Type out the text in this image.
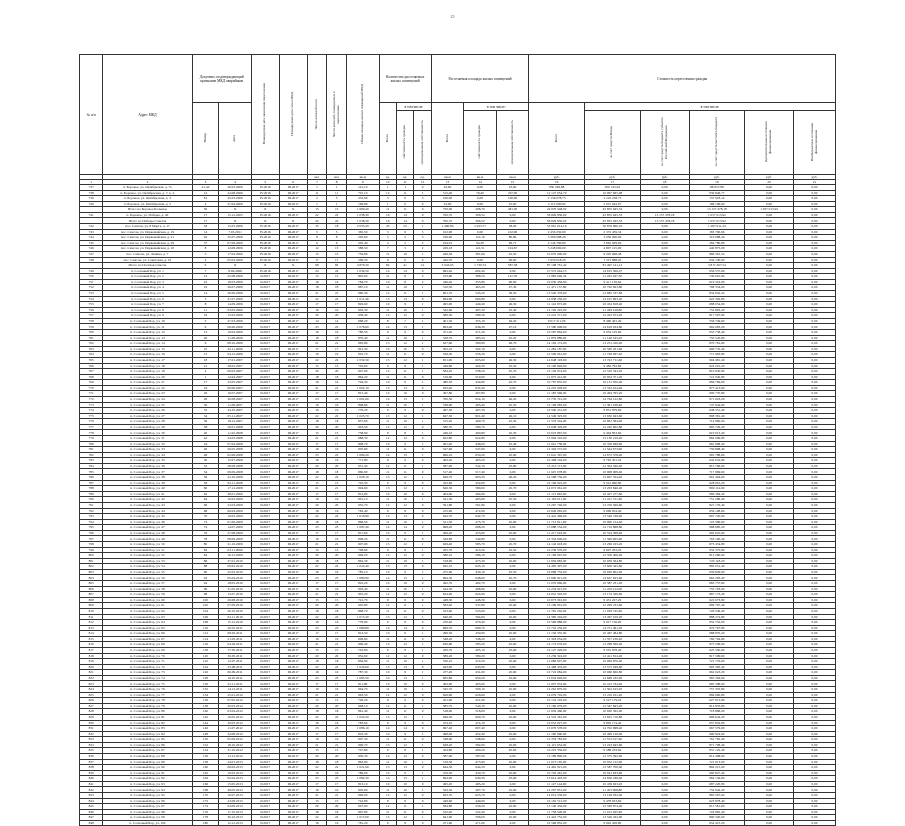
25
№ п/п	Адрес МКД	Документ, подтверждающий признание МКД аварийным		Планируемая дата окончания переселения	Планируемая дата сноса МКД	Число жителей всего	Число жителей, планируемых к переселению	Общая площадь жилых помещений МКД	Количество расселяемых жилых помещений			Расселяемая площадь жилых помещений			Стоимость переселения граждан					
		Номер	Дата						Всего	в том числе:		Всего	в том числе:		Всего	в том числе:				
										собственность граждан	муниципальная собственность		собственность граждан	муниципальная собственность		за счет средств Фонда	за счет средств бюджета субъекта Российской Федерации	за счет средств местного бюджета	Дополнительные источники финансирования	Внебюджетные источники финансирования
						чел.	чел.	кв.м	ед.	ед.	ед.	кв.м	кв.м	кв.м	руб.	руб.	руб.	руб.	руб.	руб.
1	2	3	4	5	6	7	8	9	10	11	12	13	14	15	16	17	18	19	20	21
737	п. Боровое, ул. Октябрьская, д. 7а	41-42	20.03.2006	IV.2016	III.2017	1	1	141,10	1	1	0	43,60	0,00	43,60	950 269,88	950 145,04	0,00	88 657,88	0,00	0,00
738	п. Боровое, ул. Октябрьская, д. 7, к. 2	12	24.08.2006	IV.2016	III.2017	11	11	791,10	12	11	1	515,40	79,40	437,00	12 127 054,70	10 997 665,98	0,00	939 846,77	0,00	0,00
739	п. Боровое, ул. Октябрьская, д. 3	81	25.03.2006	IV.2016	III.2017	2	5	232,90	3	0	3	100,00	0,00	100,00	2 136 078,75	2 216 238,75	0,00	137 918,14	0,00	0,00
740	п. Боровое, ул. Октябрьская, д. 5	4	27.04.2006	IV.2016	III.2017	1	1	166,80	1	0	0	91,00	0,00	91,00	2 115 000,00	2 015 042,07	0,00	168 196,60	0,00	0,00
	Итого по Боровое Большое	56	X	X	X	15	15	1 669,40	11	11	6	750,00	268,70	481,00	24 970 548,92	45 855 645,33	0,00	13 137 478,18	1 057 015,92	0,00
741	п. Боровое, ул. Победы, д. 40	17	15.12.2005	IV.2016	III.2017	22	22	1 038,30	16	14	0	700,70	306,52	0,00	56 829 830,02	45 855 645,33	13 137 478,18	1 057 015,92	0,00	0,00
	Итого по Победы Советов	17	X	X	X	22	22	1 038,30	16	14	0	700,70	306,52	0,00	56 829 830,02	45 855 645,33	13 137 478,18	1 057 015,92	0,00	0,00
742	пос. Самсон, ул. 8 Марта, д. 17	18	15.03.2006	IV.2016	III.2017	35	18	2 035,20	43	22	1	1 460,80	1 023,77	58,00	53 961 614,16	50 879 960,16	0,00	1 097 611,24	0,00	0,00
743	пос. Самсон, ул. Первомайская, д. 19	14	7.03.2011	IV.2016	III.2017	5	5	365,50	3	0	3	102,90	0,00	102,90	2 456 250,00	2 372 459,34	0,00	183 790,66	0,00	0,00
744	пос. Самсон, ул. Первомайская, д. 21	92	25.07.2006	IV.2016	III.2017	8	8	265,60	5	2	3	190,90	110,10	80,80	3 366 088,26	3 056 000,00	0,00	310 088,26	0,00	0,00
745	пос. Самсон, ул. Первомайская, д. 29	37	07.06.2006	IV.2016	III.2017	6	6	295,40	4	2	2	194,01	94,30	99,71	4 146 790,80	3 862 009,94	0,00	284 780,86	0,00	0,00
746	пос. Самсон, ул. Первомайская, д. 10	8	12.08.2006	IV.2016	III.2017	12	13	588,50	7	5	2	226,18	121,51	104,67	5 248 000,00	4 807 125,00	0,00	440 875,00	0,00	0,00
747	пос. Самсон, ул. Ленина, д. 7	5	17.04.2006	IV.2016	III.2017	15	15	756,80	11	10	1	426,56	381,06	45,50	10 070 000,00	9 203 698,48	0,00	866 301,52	0,00	0,00
748	пос. Самсон, ул. Советская, д. 25	4	05.03.2006	IV.2016	III.2017	17	17	569,30	9	0	0	442,70	0,00	96,00	7 950 018,20	7 315 888,20	0,00	634 130,00	0,00	0,00
	Итого по Посёлок Самсон	S	X	X	X	98	82	4 876,30	82	41	12	3 043,05	1 730,74	587,58	87 198 761,42	81 497 141,12	0,00	3 817 267,54	0,00	0,00
749	п. Сосновый Бор, ул. 1	7	8.04.2006	IV.2016	III.2017	24	24	1 039,50	14	14	0	692,40	692,40	0,00	15 572 044,13	14 615 506,47	0,00	956 537,66	0,00	0,00
750	п. Сосновый Бор, ул. 2	12	25.08.2006	II.2017	III.2017	15	15	805,60	11	8	3	533,80	386,50	147,30	11 985 049,34	11 245 047,50	0,00	740 001,84	0,00	0,00
751	п. Сосновый Бор, ул. 3	22	18.03.2006	II.2017	III.2017	16	16	784,70	10	8	2	446,40	355,80	90,60	10 030 456,60	9 411 139,64	0,00	619 316,96	0,00	0,00
752	п. Сосновый Бор, ул. 4	19	26.07.2006	II.2017	III.2017	18	18	887,10	11	10	1	510,50	463,20	47,30	11 471 157,80	10 762 823,80	0,00	708 334,00	0,00	0,00
753	п. Сосновый Бор, ул. 5	14	30.06.2006	II.2017	III.2017	21	21	960,30	12	11	1	601,70	545,20	56,50	13 520 379,90	12 685 537,66	0,00	834 842,24	0,00	0,00
754	п. Сосновый Бор, ул. 6	3	21.07.2006	II.2017	III.2017	22	22	1 011,40	13	13	0	664,80	664,80	0,00	14 938 256,00	14 015 863,20	0,00	922 392,80	0,00	0,00
755	п. Сосновый Бор, ул. 7	8	14.09.2006	II.2017	III.2017	17	17	829,60	10	9	1	495,90	449,40	46,50	11 142 873,00	10 454 818,40	0,00	688 054,60	0,00	0,00
756	п. Сосновый Бор, ул. 8	11	03.05.2006	II.2017	III.2017	19	19	902,30	11	10	1	542,60	497,20	45,40	12 192 222,00	11 439 418,80	0,00	752 803,20	0,00	0,00
757	п. Сосновый Бор, ул. 9	16	15.02.2006	II.2017	III.2017	20	20	958,40	12	12	0	589,30	589,30	0,00	13 241 571,00	12 423 973,20	0,00	817 597,80	0,00	0,00
758	п. Сосновый Бор, ул. 10	5	27.03.2006	II.2017	III.2017	14	14	668,20	8	7	1	401,30	355,10	46,20	9 017 211,00	8 460 461,40	0,00	556 749,60	0,00	0,00
759	п. Сосновый Бор, ул. 11	9	06.06.2006	II.2017	III.2017	23	23	1 078,60	14	13	1	693,40	646,30	47,10	15 580 698,00	14 618 634,80	0,00	962 063,20	0,00	0,00
760	п. Сосновый Бор, ул. 12	13	19.04.2006	II.2017	III.2017	16	16	780,50	9	9	0	471,20	471,20	0,00	10 587 864,00	9 934 105,60	0,00	653 758,40	0,00	0,00
761	п. Сосновый Бор, ул. 13	20	11.08.2006	II.2017	III.2017	18	18	870,40	11	10	1	528,70	483,50	45,20	11 879 889,00	11 146 343,20	0,00	733 545,80	0,00	0,00
762	п. Сосновый Бор, ул. 14	6	08.10.2006	II.2017	III.2017	21	21	995,80	13	12	1	627,60	580,90	46,70	14 102 172,00	13 231 410,40	0,00	870 761,60	0,00	0,00
763	п. Сосновый Бор, ул. 15	10	22.11.2006	II.2017	III.2017	17	17	821,30	10	10	0	502,10	502,10	0,00	11 282 187,00	10 585 451,60	0,00	696 735,40	0,00	0,00
764	п. Сосновый Бор, ул. 16	15	04.12.2006	II.2017	III.2017	19	19	910,70	11	11	0	556,30	556,30	0,00	12 500 061,00	11 728 097,20	0,00	771 963,80	0,00	0,00
765	п. Сосновый Бор, ул. 17	18	17.01.2007	II.2017	III.2017	22	22	1 032,50	13	12	1	651,90	605,60	46,30	14 648 193,00	13 743 711,60	0,00	904 481,40	0,00	0,00
766	п. Сосновый Бор, ул. 18	21	28.02.2007	II.2017	III.2017	15	15	742,60	9	8	1	449,80	404,30	45,50	10 106 994,00	9 482 792,80	0,00	624 201,20	0,00	0,00
767	п. Сосновый Бор, ул. 19	2	09.03.2007	II.2017	III.2017	20	20	947,90	12	11	1	584,20	538,50	45,70	13 126 974,00	12 316 343,20	0,00	810 630,80	0,00	0,00
768	п. Сосновый Бор, ул. 20	1	12.04.2007	II.2017	III.2017	18	18	864,20	11	11	0	519,60	519,60	0,00	11 675 412,00	10 954 371,20	0,00	721 040,80	0,00	0,00
769	п. Сосновый Бор, ул. 21	17	23.05.2007	II.2017	III.2017	16	16	794,30	10	9	1	480,50	434,80	45,70	10 797 835,00	10 131 050,40	0,00	666 784,60	0,00	0,00
770	п. Сосновый Бор, ул. 22	24	06.06.2007	II.2017	III.2017	21	21	1 002,10	13	13	0	632,40	632,40	0,00	14 210 028,00	13 332 614,40	0,00	877 413,60	0,00	0,00
771	п. Сосновый Бор, ул. 23	26	19.07.2007	II.2017	III.2017	17	17	815,40	10	10	0	497,80	497,80	0,00	11 185 566,00	10 494 795,20	0,00	690 770,80	0,00	0,00
772	п. Сосновый Бор, ул. 24	28	30.08.2007	II.2017	III.2017	23	23	1 091,60	14	13	1	700,30	654,10	46,20	15 735 741,00	14 764 122,80	0,00	971 618,20	0,00	0,00
773	п. Сосновый Бор, ул. 25	30	11.09.2007	II.2017	III.2017	19	19	898,80	11	10	1	538,90	493,40	45,50	12 109 083,00	11 361 438,40	0,00	747 644,60	0,00	0,00
774	п. Сосновый Бор, ул. 26	32	24.10.2007	II.2017	III.2017	16	16	776,20	9	9	0	467,30	467,30	0,00	10 500 231,00	9 851 879,60	0,00	648 351,40	0,00	0,00
775	п. Сосновый Бор, ул. 27	34	05.11.2007	II.2017	III.2017	22	22	1 025,70	13	12	1	647,50	601,40	46,10	14 549 325,00	13 650 943,60	0,00	898 381,40	0,00	0,00
776	п. Сосновый Бор, ул. 28	36	18.12.2007	II.2017	III.2017	18	18	857,60	11	10	1	515,20	469,70	45,50	11 576 544,00	10 861 584,00	0,00	714 960,00	0,00	0,00
777	п. Сосновый Бор, ул. 29	38	29.01.2008	II.2017	III.2017	20	20	943,50	12	12	0	580,70	580,70	0,00	13 048 329,00	12 242 602,80	0,00	805 726,20	0,00	0,00
778	п. Сосновый Бор, ул. 30	40	11.02.2008	II.2017	III.2017	15	15	738,90	9	8	1	446,10	400,80	45,30	10 023 867,00	9 404 853,60	0,00	619 013,40	0,00	0,00
779	п. Сосновый Бор, ул. 31	42	24.03.2008	II.2017	III.2017	21	21	988,30	12	12	0	622,80	622,80	0,00	13 994 316,00	13 130 219,20	0,00	864 096,80	0,00	0,00
780	п. Сосновый Бор, ул. 32	44	07.04.2008	II.2017	III.2017	17	17	808,70	10	9	1	491,40	446,00	45,40	11 041 758,00	10 359 849,60	0,00	681 908,40	0,00	0,00
781	п. Сосновый Бор, ул. 33	46	20.05.2008	II.2017	III.2017	19	19	905,80	11	11	0	547,60	547,60	0,00	12 304 572,00	11 544 673,60	0,00	759 898,40	0,00	0,00
782	п. Сосновый Бор, ул. 34	48	02.06.2008	II.2017	III.2017	23	23	1 084,20	14	13	1	696,10	650,20	45,90	15 641 367,00	14 675 578,40	0,00	965 788,60	0,00	0,00
783	п. Сосновый Бор, ул. 35	50	15.07.2008	II.2017	III.2017	16	16	771,80	9	9	0	463,20	463,20	0,00	10 408 104,00	9 765 451,20	0,00	642 652,80	0,00	0,00
784	п. Сосновый Бор, ул. 36	52	28.08.2008	II.2017	III.2017	20	20	951,40	12	11	1	587,90	542,10	45,80	13 210 113,00	12 394 346,40	0,00	815 766,60	0,00	0,00
785	п. Сосновый Бор, ул. 37	54	09.09.2008	II.2017	III.2017	18	18	860,90	11	11	0	517,40	517,40	0,00	11 625 978,00	10 908 008,40	0,00	717 969,60	0,00	0,00
786	п. Сосновый Бор, ул. 38	56	22.10.2008	II.2017	III.2017	22	22	1 029,10	13	12	1	649,70	603,50	46,20	14 598 759,00	13 697 354,40	0,00	901 404,60	0,00	0,00
787	п. Сосновый Бор, ул. 39	58	04.11.2008	II.2017	III.2017	15	15	745,30	9	9	0	452,60	452,60	0,00	10 169 922,00	9 541 860,80	0,00	628 061,20	0,00	0,00
788	п. Сосновый Бор, ул. 40	60	17.12.2008	II.2017	III.2017	21	21	994,60	13	12	1	626,30	580,60	45,70	14 072 961,00	13 203 846,40	0,00	869 114,60	0,00	0,00
789	п. Сосновый Бор, ул. 41	62	28.01.2009	II.2017	III.2017	17	17	812,90	10	10	0	494,60	494,60	0,00	11 113 662,00	10 427 277,60	0,00	686 384,40	0,00	0,00
790	п. Сосновый Бор, ул. 42	64	10.02.2009	II.2017	III.2017	19	19	901,10	11	10	1	541,30	495,80	45,50	12 163 011,00	11 411 721,60	0,00	751 289,40	0,00	0,00
791	п. Сосновый Бор, ул. 43	66	23.03.2009	II.2017	III.2017	20	20	955,70	12	12	0	591,80	591,80	0,00	13 297 746,00	12 476 569,60	0,00	821 176,40	0,00	0,00
792	п. Сосновый Бор, ул. 44	68	06.04.2009	II.2017	III.2017	16	16	782,40	9	9	0	472,90	472,90	0,00	10 626 063,00	9 969 954,40	0,00	656 108,60	0,00	0,00
793	п. Сосновый Бор, ул. 45	70	19.05.2009	II.2017	III.2017	22	22	1 018,80	13	13	0	642,70	642,70	0,00	14 441 469,00	13 549 748,40	0,00	891 720,60	0,00	0,00
794	п. Сосновый Бор, ул. 46	72	01.06.2009	II.2017	III.2017	18	18	866,50	11	10	1	521,30	475,70	45,60	11 713 611,00	10 990 214,40	0,00	723 396,60	0,00	0,00
795	п. Сосновый Бор, ул. 47	74	14.07.2009	II.2017	III.2017	23	23	1 087,40	14	14	0	698,20	698,20	0,00	15 688 554,00	14 719 868,80	0,00	968 685,20	0,00	0,00
796	п. Сосновый Бор, ул. 48	76	27.08.2009	II.2017	III.2017	17	17	817,60	10	9	1	499,20	453,60	45,60	11 217 024,00	10 524 398,40	0,00	692 625,60	0,00	0,00
797	п. Сосновый Бор, ул. 49	78	08.09.2009	II.2017	III.2017	19	19	908,20	11	11	0	549,80	549,80	0,00	12 354 006,00	11 590 905,60	0,00	763 100,40	0,00	0,00
798	п. Сосновый Бор, ул. 50	80	21.10.2009	II.2017	III.2017	21	21	997,90	13	12	1	629,40	583,70	45,70	14 142 618,00	13 269 163,20	0,00	873 454,80	0,00	0,00
799	п. Сосновый Бор, ул. 51	82	03.11.2009	II.2017	III.2017	15	15	748,60	9	8	1	455,70	410,20	45,50	10 239 579,00	9 607 203,20	0,00	632 375,80	0,00	0,00
800	п. Сосновый Бор, ул. 52	84	16.12.2009	II.2017	III.2017	20	20	949,20	12	12	0	586,10	586,10	0,00	13 169 667,00	12 356 406,40	0,00	813 260,60	0,00	0,00
801	п. Сосновый Бор, ул. 53	86	27.01.2010	II.2017	III.2017	18	18	862,30	11	10	1	518,90	473,30	45,60	11 659 683,00	10 939 564,80	0,00	720 118,20	0,00	0,00
802	п. Сосновый Бор, ул. 54	88	09.02.2010	II.2017	III.2017	22	22	1 022,40	13	13	0	645,10	645,10	0,00	14 495 397,00	13 600 345,60	0,00	895 051,40	0,00	0,00
803	п. Сосновый Бор, ул. 55	90	22.03.2010	II.2017	III.2017	16	16	785,10	10	9	1	475,60	430,10	45,50	10 686 732,00	10 026 902,40	0,00	659 829,60	0,00	0,00
804	п. Сосновый Бор, ул. 56	92	05.04.2010	II.2017	III.2017	23	23	1 080,90	14	13	1	694,30	648,60	45,70	15 600 921,00	14 637 625,60	0,00	963 295,40	0,00	0,00
805	п. Сосновый Бор, ул. 57	94	18.05.2010	II.2017	III.2017	17	17	810,20	10	10	0	492,70	492,70	0,00	11 070 969,00	10 387 231,20	0,00	683 737,80	0,00	0,00
806	п. Сосновый Бор, ул. 58	96	31.05.2010	II.2017	III.2017	19	19	903,40	11	10	1	544,50	498,90	45,60	12 234 915,00	11 479 212,00	0,00	755 703,00	0,00	0,00
807	п. Сосновый Бор, ул. 59	98	13.07.2010	II.2017	III.2017	21	21	991,20	12	12	0	624,90	624,90	0,00	14 041 503,00	13 174 329,60	0,00	867 173,40	0,00	0,00
808	п. Сосновый Бор, ул. 60	100	26.08.2010	II.2017	III.2017	15	15	741,70	9	9	0	448,30	448,30	0,00	10 073 301,00	9 451 227,20	0,00	622 073,80	0,00	0,00
809	п. Сосновый Бор, ул. 61	102	07.09.2010	II.2017	III.2017	20	20	945,80	12	11	1	583,40	537,80	45,60	13 109 001,00	12 299 233,60	0,00	809 767,40	0,00	0,00
810	п. Сосновый Бор, ул. 62	104	20.10.2010	II.2017	III.2017	18	18	868,70	11	11	0	523,60	523,60	0,00	11 765 292,00	11 038 745,60	0,00	726 546,40	0,00	0,00
811	п. Сосновый Бор, ул. 63	106	02.11.2010	II.2017	III.2017	22	22	1 015,30	13	12	1	640,20	594,60	45,60	14 385 294,00	13 497 019,20	0,00	888 274,80	0,00	0,00
812	п. Сосновый Бор, ул. 64	108	15.12.2010	II.2017	III.2017	16	16	779,90	9	9	0	470,40	470,40	0,00	10 569 888,00	9 917 136,00	0,00	652 752,00	0,00	0,00
813	п. Сосновый Бор, ул. 65	110	26.01.2011	II.2017	III.2017	23	23	1 089,80	14	14	0	699,70	699,70	0,00	15 722 259,00	14 751 491,20	0,00	970 767,80	0,00	0,00
814	п. Сосновый Бор, ул. 66	112	08.02.2011	II.2017	III.2017	17	17	814,50	10	9	1	496,50	450,90	45,60	11 156 355,00	10 467 484,80	0,00	688 870,20	0,00	0,00
815	п. Сосновый Бор, ул. 67	114	21.03.2011	II.2017	III.2017	19	19	906,60	11	11	0	548,20	548,20	0,00	12 318 054,00	11 557 259,20	0,00	760 794,80	0,00	0,00
816	п. Сосновый Бор, ул. 68	116	04.04.2011	II.2017	III.2017	21	21	999,40	13	12	1	630,80	585,20	45,60	14 174 076,00	13 298 566,40	0,00	875 509,60	0,00	0,00
817	п. Сосновый Бор, ул. 69	118	17.05.2011	II.2017	III.2017	15	15	743,90	9	8	1	450,70	405,10	45,60	10 127 229,00	9 501 878,40	0,00	625 350,60	0,00	0,00
818	п. Сосновый Бор, ул. 70	120	30.05.2011	II.2017	III.2017	20	20	952,60	12	12	0	589,20	589,20	0,00	13 239 324,00	12 421 814,40	0,00	817 509,60	0,00	0,00
819	п. Сосновый Бор, ул. 71	122	12.07.2011	II.2017	III.2017	18	18	864,90	11	10	1	520,10	474,50	45,60	11 686 647,00	10 964 870,40	0,00	721 776,60	0,00	0,00
820	п. Сосновый Бор, ул. 72	124	25.08.2011	II.2017	III.2017	22	22	1 020,60	13	13	0	643,90	643,90	0,00	14 468 433,00	13 575 049,60	0,00	893 383,40	0,00	0,00
821	п. Сосновый Бор, ул. 73	126	06.09.2011	II.2017	III.2017	16	16	787,30	10	9	1	477,20	431,60	45,60	10 722 684,00	10 060 660,80	0,00	662 023,20	0,00	0,00
822	п. Сосновый Бор, ул. 74	128	19.10.2011	II.2017	III.2017	23	23	1 083,50	14	13	1	695,80	650,20	45,60	15 634 626,00	14 669 232,00	0,00	965 394,00	0,00	0,00
823	п. Сосновый Бор, ул. 75	130	01.11.2011	II.2017	III.2017	17	17	811,80	10	10	0	493,90	493,90	0,00	11 097 933,00	10 412 534,40	0,00	685 398,60	0,00	0,00
824	п. Сосновый Бор, ул. 76	132	14.12.2011	II.2017	III.2017	19	19	904,70	11	10	1	545,70	500,10	45,60	12 261 879,00	11 504 523,20	0,00	757 355,80	0,00	0,00
825	п. Сосновый Бор, ул. 77	134	25.01.2012	II.2017	III.2017	21	21	993,50	12	12	0	626,60	626,60	0,00	14 079 702,00	13 210 011,20	0,00	869 690,80	0,00	0,00
826	п. Сосновый Бор, ул. 78	136	07.02.2012	II.2017	III.2017	15	15	746,20	9	9	0	451,90	451,90	0,00	10 154 193,00	9 527 179,20	0,00	627 013,80	0,00	0,00
827	п. Сосновый Бор, ул. 79	138	20.03.2012	II.2017	III.2017	20	20	948,10	12	11	1	585,70	540,10	45,60	13 160 679,00	12 347 843,20	0,00	812 835,80	0,00	0,00
828	п. Сосновый Бор, ул. 80	140	03.04.2012	II.2017	III.2017	18	18	861,40	11	11	0	518,00	518,00	0,00	11 639 460,00	10 920 592,00	0,00	718 868,00	0,00	0,00
829	п. Сосновый Бор, ул. 81	142	16.05.2012	II.2017	III.2017	22	22	1 024,20	13	12	1	646,30	600,70	45,60	14 522 361,00	13 625 716,80	0,00	896 644,20	0,00	0,00
830	п. Сосновый Бор, ул. 82	144	29.05.2012	II.2017	III.2017	16	16	783,60	9	9	0	474,10	474,10	0,00	10 653 027,00	9 995 174,40	0,00	657 852,60	0,00	0,00
831	п. Сосновый Бор, ул. 83	146	11.07.2012	II.2017	III.2017	23	23	1 086,10	14	14	0	697,40	697,40	0,00	15 670 578,00	14 702 998,40	0,00	967 579,60	0,00	0,00
832	п. Сосновый Бор, ул. 84	148	24.08.2012	II.2017	III.2017	17	17	816,30	10	9	1	498,00	452,40	45,60	11 190 060,00	10 499 136,00	0,00	690 924,00	0,00	0,00
833	п. Сосновый Бор, ул. 85	150	05.09.2012	II.2017	III.2017	19	19	907,30	11	11	0	548,90	548,90	0,00	12 333 783,00	11 572 017,60	0,00	761 765,40	0,00	0,00
834	п. Сосновый Бор, ул. 86	152	18.10.2012	II.2017	III.2017	21	21	996,70	13	12	1	628,20	582,60	45,60	14 115 654,00	13 243 945,60	0,00	871 708,40	0,00	0,00
835	п. Сосновый Бор, ул. 87	154	31.10.2012	II.2017	III.2017	15	15	747,80	9	8	1	454,80	409,20	45,60	10 219 356,00	9 588 233,60	0,00	631 122,40	0,00	0,00
836	п. Сосновый Бор, ул. 88	156	13.12.2012	II.2017	III.2017	20	20	950,30	12	12	0	587,00	587,00	0,00	13 189 890,00	12 375 392,00	0,00	814 498,00	0,00	0,00
837	п. Сосновый Бор, ул. 89	158	24.01.2013	II.2017	III.2017	18	18	863,60	11	10	1	519,50	473,90	45,60	11 673 165,00	10 952 152,00	0,00	721 013,00	0,00	0,00
838	п. Сосновый Бор, ул. 90	160	06.02.2013	II.2017	III.2017	22	22	1 021,90	13	13	0	644,50	644,50	0,00	14 481 915,00	13 587 700,00	0,00	894 215,00	0,00	0,00
839	п. Сосновый Бор, ул. 91	162	19.03.2013	II.2017	III.2017	16	16	786,00	10	9	1	476,30	430,70	45,60	10 702 461,00	10 041 633,60	0,00	660 827,40	0,00	0,00
840	п. Сосновый Бор, ул. 92	164	02.04.2013	II.2017	III.2017	23	23	1 082,30	14	13	1	694,90	649,30	45,60	15 614 403,00	14 650 246,40	0,00	964 156,60	0,00	0,00
841	п. Сосновый Бор, ул. 93	166	15.05.2013	II.2017	III.2017	17	17	813,10	10	10	0	495,20	495,20	0,00	11 127 144,00	10 439 923,20	0,00	687 220,80	0,00	0,00
842	п. Сосновый Бор, ул. 94	168	28.05.2013	II.2017	III.2017	19	19	902,60	11	10	1	543,30	497,70	45,60	12 207 951,00	11 453 908,80	0,00	754 042,20	0,00	0,00
843	п. Сосновый Бор, ул. 95	170	10.07.2013	II.2017	III.2017	21	21	990,00	12	12	0	623,70	623,70	0,00	14 014 539,00	13 149 032,00	0,00	865 507,00	0,00	0,00
844	п. Сосновый Бор, ул. 96	172	23.08.2013	II.2017	III.2017	15	15	742,80	9	9	0	449,60	449,60	0,00	10 102 512,00	9 478 633,60	0,00	623 878,40	0,00	0,00
845	п. Сосновый Бор, ул. 97	174	04.09.2013	II.2017	III.2017	20	20	947,00	12	11	1	584,80	539,20	45,60	13 140 456,00	12 328 874,40	0,00	811 581,60	0,00	0,00
846	п. Сосновый Бор, ул. 98	176	17.10.2013	II.2017	III.2017	18	18	867,80	11	11	0	522,40	522,40	0,00	11 738 328,00	11 013 465,60	0,00	724 862,40	0,00	0,00
847	п. Сосновый Бор, ул. 99	178	30.10.2013	II.2017	III.2017	22	22	1 017,00	13	12	1	641,60	596,00	45,60	14 416 752,00	13 526 432,00	0,00	890 320,00	0,00	0,00
848	п. Сосновый Бор, ул. 100	180	12.12.2013	II.2017	III.2017	16	16	781,20	9	9	0	471,60	471,60	0,00	10 596 852,00	9 942 436,80	0,00	654 415,20	0,00	0,00
